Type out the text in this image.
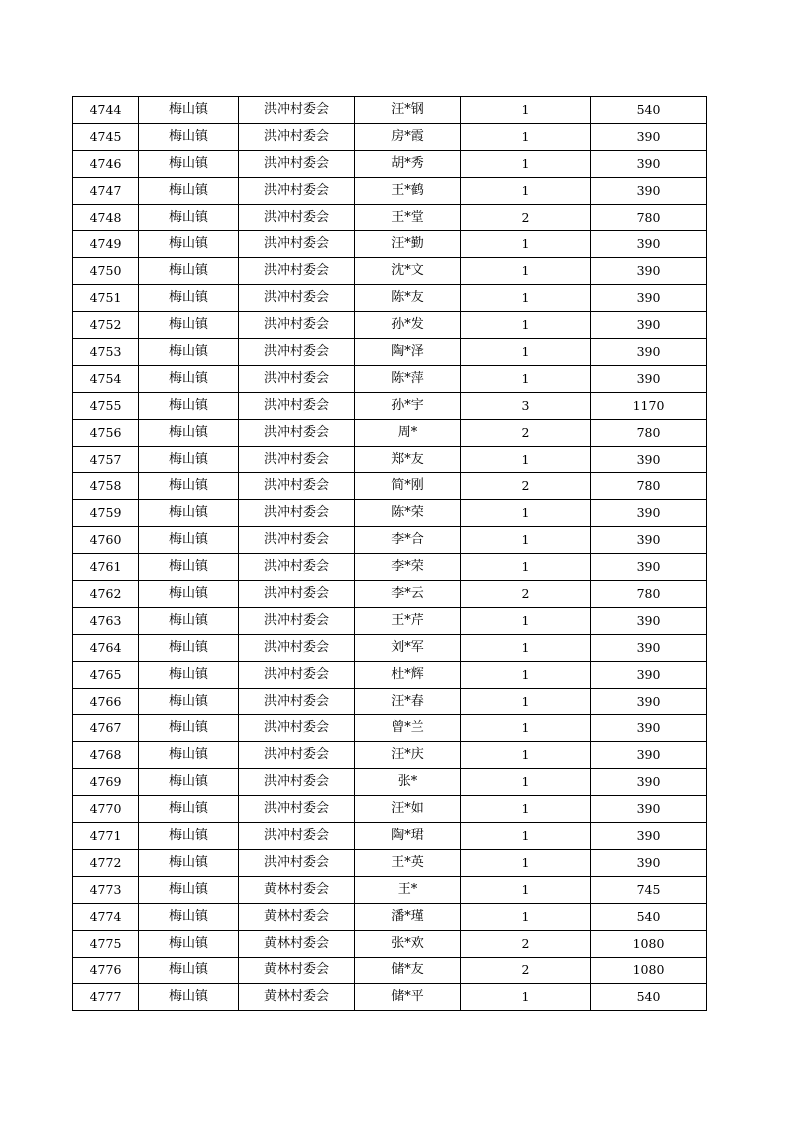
4744	梅山镇	洪冲村委会	汪*钢	1	540
4745	梅山镇	洪冲村委会	房*霞	1	390
4746	梅山镇	洪冲村委会	胡*秀	1	390
4747	梅山镇	洪冲村委会	王*鹤	1	390
4748	梅山镇	洪冲村委会	王*堂	2	780
4749	梅山镇	洪冲村委会	汪*勤	1	390
4750	梅山镇	洪冲村委会	沈*文	1	390
4751	梅山镇	洪冲村委会	陈*友	1	390
4752	梅山镇	洪冲村委会	孙*发	1	390
4753	梅山镇	洪冲村委会	陶*泽	1	390
4754	梅山镇	洪冲村委会	陈*萍	1	390
4755	梅山镇	洪冲村委会	孙*宇	3	1170
4756	梅山镇	洪冲村委会	周*	2	780
4757	梅山镇	洪冲村委会	郑*友	1	390
4758	梅山镇	洪冲村委会	简*刚	2	780
4759	梅山镇	洪冲村委会	陈*荣	1	390
4760	梅山镇	洪冲村委会	李*合	1	390
4761	梅山镇	洪冲村委会	李*荣	1	390
4762	梅山镇	洪冲村委会	李*云	2	780
4763	梅山镇	洪冲村委会	王*芹	1	390
4764	梅山镇	洪冲村委会	刘*军	1	390
4765	梅山镇	洪冲村委会	杜*辉	1	390
4766	梅山镇	洪冲村委会	汪*春	1	390
4767	梅山镇	洪冲村委会	曾*兰	1	390
4768	梅山镇	洪冲村委会	汪*庆	1	390
4769	梅山镇	洪冲村委会	张*	1	390
4770	梅山镇	洪冲村委会	汪*如	1	390
4771	梅山镇	洪冲村委会	陶*珺	1	390
4772	梅山镇	洪冲村委会	王*英	1	390
4773	梅山镇	黄林村委会	王*	1	745
4774	梅山镇	黄林村委会	潘*瑾	1	540
4775	梅山镇	黄林村委会	张*欢	2	1080
4776	梅山镇	黄林村委会	储*友	2	1080
4777	梅山镇	黄林村委会	储*平	1	540
